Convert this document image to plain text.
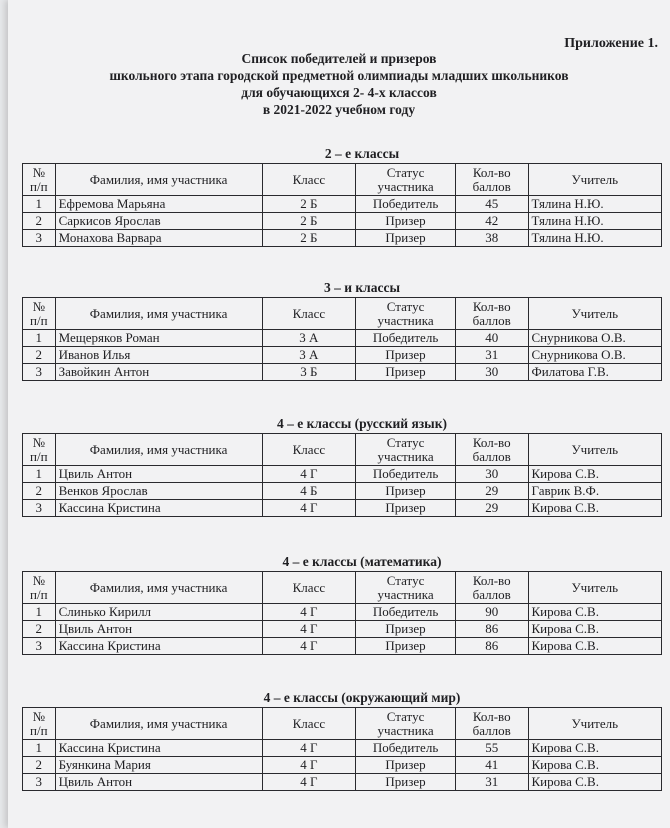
Приложение 1.
Список победителей и призеров
школьного этапа городской предметной олимпиады младших школьников
для обучающихся 2- 4-х классов
в 2021-2022 учебном году
2 – е классы
№ п/п	Фамилия, имя участника	Класс	Статус участника	Кол-во баллов	Учитель
1	Ефремова Марьяна	2 Б	Победитель	45	Тялина Н.Ю.
2	Саркисов Ярослав	2 Б	Призер	42	Тялина Н.Ю.
3	Монахова Варвара	2 Б	Призер	38	Тялина Н.Ю.
3 – и классы
№ п/п	Фамилия, имя участника	Класс	Статус участника	Кол-во баллов	Учитель
1	Мещеряков Роман	3 А	Победитель	40	Снурникова О.В.
2	Иванов Илья	3 А	Призер	31	Снурникова О.В.
3	Завойкин Антон	3 Б	Призер	30	Филатова Г.В.
4 – е классы (русский язык)
№ п/п	Фамилия, имя участника	Класс	Статус участника	Кол-во баллов	Учитель
1	Цвиль Антон	4 Г	Победитель	30	Кирова С.В.
2	Венков Ярослав	4 Б	Призер	29	Гаврик В.Ф.
3	Кассина Кристина	4 Г	Призер	29	Кирова С.В.
4 – е классы (математика)
№ п/п	Фамилия, имя участника	Класс	Статус участника	Кол-во баллов	Учитель
1	Слинько Кирилл	4 Г	Победитель	90	Кирова С.В.
2	Цвиль Антон	4 Г	Призер	86	Кирова С.В.
3	Кассина Кристина	4 Г	Призер	86	Кирова С.В.
4 – е классы (окружающий мир)
№ п/п	Фамилия, имя участника	Класс	Статус участника	Кол-во баллов	Учитель
1	Кассина Кристина	4 Г	Победитель	55	Кирова С.В.
2	Буянкина Мария	4 Г	Призер	41	Кирова С.В.
3	Цвиль Антон	4 Г	Призер	31	Кирова С.В.
